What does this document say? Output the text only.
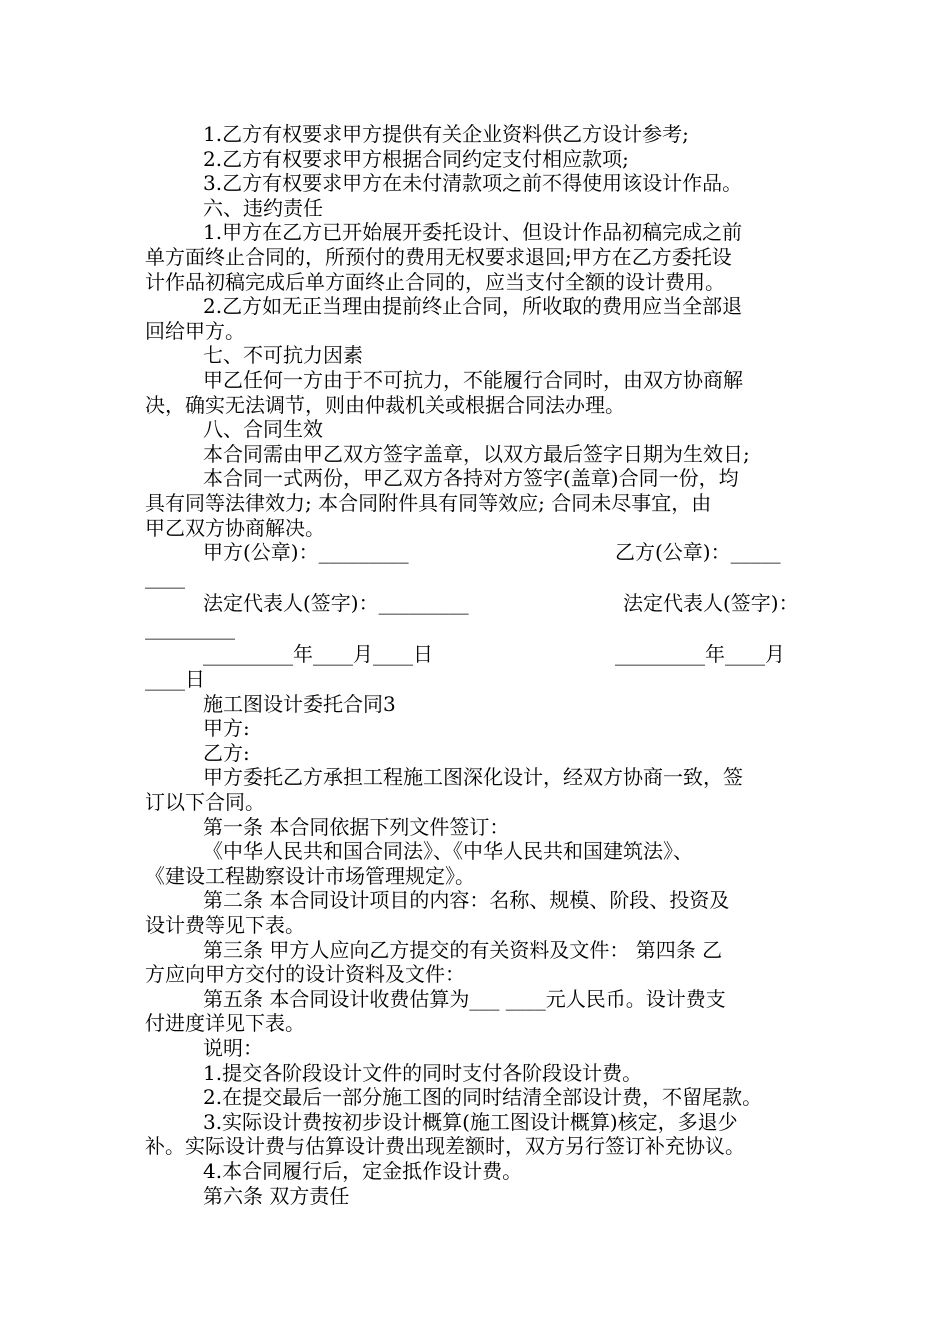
1.乙方有权要求甲方提供有关企业资料供乙方设计参考;
2.乙方有权要求甲方根据合同约定支付相应款项;
3.乙方有权要求甲方在未付清款项之前不得使用该设计作品。
六、违约责任
1.甲方在乙方已开始展开委托设计、但设计作品初稿完成之前
单方面终止合同的，所预付的费用无权要求退回;甲方在乙方委托设
计作品初稿完成后单方面终止合同的，应当支付全额的设计费用。
2.乙方如无正当理由提前终止合同，所收取的费用应当全部退
回给甲方。
七、不可抗力因素
甲乙任何一方由于不可抗力，不能履行合同时，由双方协商解
决，确实无法调节，则由仲裁机关或根据合同法办理。
八、合同生效
本合同需由甲乙双方签字盖章，以双方最后签字日期为生效日;
本合同一式两份，甲乙双方各持对方签字(盖章)合同一份，均
具有同等法律效力; 本合同附件具有同等效应; 合同未尽事宜，由
甲乙双方协商解决。
甲方(公章)：_________	乙方(公章)：_____
____
法定代表人(签字)：_________	法定代表人(签字)：
_________
_________年____月____日	_________年____月
____日
施工图设计委托合同3
甲方:
乙方:
甲方委托乙方承担工程施工图深化设计，经双方协商一致，签
订以下合同。
第一条 本合同依据下列文件签订：
《中华人民共和国合同法》、《中华人民共和国建筑法》、
《建设工程勘察设计市场管理规定》。
第二条 本合同设计项目的内容：名称、规模、阶段、投资及
设计费等见下表。
第三条 甲方人应向乙方提交的有关资料及文件： 第四条 乙
方应向甲方交付的设计资料及文件：
第五条 本合同设计收费估算为___ ____元人民币。设计费支
付进度详见下表。
说明：
1.提交各阶段设计文件的同时支付各阶段设计费。
2.在提交最后一部分施工图的同时结清全部设计费，不留尾款。
3.实际设计费按初步设计概算(施工图设计概算)核定，多退少
补。实际设计费与估算设计费出现差额时，双方另行签订补充协议。
4.本合同履行后，定金抵作设计费。
第六条 双方责任
